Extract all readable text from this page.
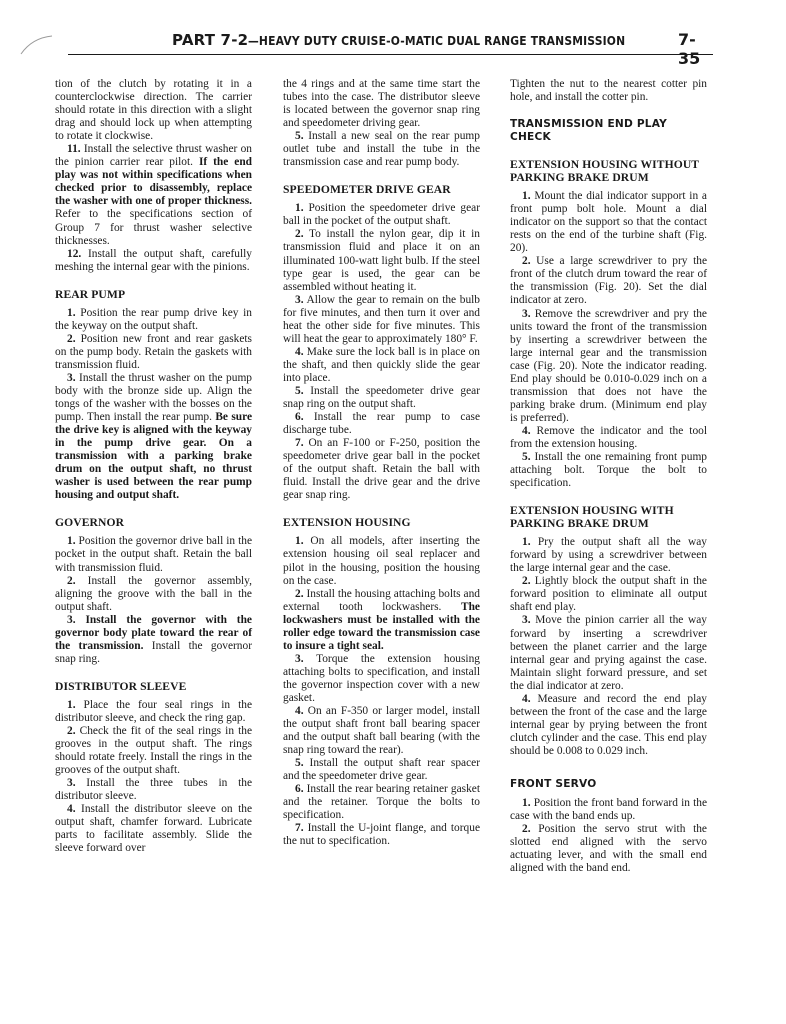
PART 7-2—HEAVY DUTY CRUISE-O-MATIC DUAL RANGE TRANSMISSION	7-35

tion of the clutch by rotating it in a counterclockwise direction. The carrier should rotate in this direction with a slight drag and should lock up when attempting to rotate it clockwise.

11. Install the selective thrust washer on the pinion carrier rear pilot. If the end play was not within specifications when checked prior to disassembly, replace the washer with one of proper thickness. Refer to the specifications section of Group 7 for thrust washer selective thicknesses.

12. Install the output shaft, carefully meshing the internal gear with the pinions.

REAR PUMP

1. Position the rear pump drive key in the keyway on the output shaft.

2. Position new front and rear gaskets on the pump body. Retain the gaskets with transmission fluid.

3. Install the thrust washer on the pump body with the bronze side up. Align the tongs of the washer with the bosses on the pump. Then install the rear pump. Be sure the drive key is aligned with the keyway in the pump drive gear. On a transmission with a parking brake drum on the output shaft, no thrust washer is used between the rear pump housing and output shaft.

GOVERNOR

1. Position the governor drive ball in the pocket in the output shaft. Retain the ball with transmission fluid.

2. Install the governor assembly, aligning the groove with the ball in the output shaft.

3. Install the governor with the governor body plate toward the rear of the transmission. Install the governor snap ring.

DISTRIBUTOR SLEEVE

1. Place the four seal rings in the distributor sleeve, and check the ring gap.

2. Check the fit of the seal rings in the grooves in the output shaft. The rings should rotate freely. Install the rings in the grooves of the output shaft.

3. Install the three tubes in the distributor sleeve.

4. Install the distributor sleeve on the output shaft, chamfer forward. Lubricate parts to facilitate assembly. Slide the sleeve forward over

the 4 rings and at the same time start the tubes into the case. The distributor sleeve is located between the governor snap ring and speedometer driving gear.

5. Install a new seal on the rear pump outlet tube and install the tube in the transmission case and rear pump body.

SPEEDOMETER DRIVE GEAR

1. Position the speedometer drive gear ball in the pocket of the output shaft.

2. To install the nylon gear, dip it in transmission fluid and place it on an illuminated 100-watt light bulb. If the steel type gear is used, the gear can be assembled without heating it.

3. Allow the gear to remain on the bulb for five minutes, and then turn it over and heat the other side for five minutes. This will heat the gear to approximately 180° F.

4. Make sure the lock ball is in place on the shaft, and then quickly slide the gear into place.

5. Install the speedometer drive gear snap ring on the output shaft.

6. Install the rear pump to case discharge tube.

7. On an F-100 or F-250, position the speedometer drive gear ball in the pocket of the output shaft. Retain the ball with fluid. Install the drive gear and the drive gear snap ring.

EXTENSION HOUSING

1. On all models, after inserting the extension housing oil seal replacer and pilot in the housing, position the housing on the case.

2. Install the housing attaching bolts and external tooth lockwashers. The lockwashers must be installed with the roller edge toward the transmission case to insure a tight seal.

3. Torque the extension housing attaching bolts to specification, and install the governor inspection cover with a new gasket.

4. On an F-350 or larger model, install the output shaft front ball bearing spacer and the output shaft ball bearing (with the snap ring toward the rear).

5. Install the output shaft rear spacer and the speedometer drive gear.

6. Install the rear bearing retainer gasket and the retainer. Torque the bolts to specification.

7. Install the U-joint flange, and torque the nut to specification.

Tighten the nut to the nearest cotter pin hole, and install the cotter pin.

TRANSMISSION END PLAY CHECK
EXTENSION HOUSING WITHOUT PARKING BRAKE DRUM

1. Mount the dial indicator support in a front pump bolt hole. Mount a dial indicator on the support so that the contact rests on the end of the turbine shaft (Fig. 20).

2. Use a large screwdriver to pry the front of the clutch drum toward the rear of the transmission (Fig. 20). Set the dial indicator at zero.

3. Remove the screwdriver and pry the units toward the front of the transmission by inserting a screwdriver between the large internal gear and the transmission case (Fig. 20). Note the indicator reading. End play should be 0.010-0.029 inch on a transmission that does not have the parking brake drum. (Minimum end play is preferred).

4. Remove the indicator and the tool from the extension housing.

5. Install the one remaining front pump attaching bolt. Torque the bolt to specification.

EXTENSION HOUSING WITH PARKING BRAKE DRUM

1. Pry the output shaft all the way forward by using a screwdriver between the large internal gear and the case.

2. Lightly block the output shaft in the forward position to eliminate all output shaft end play.

3. Move the pinion carrier all the way forward by inserting a screwdriver between the planet carrier and the large internal gear and prying against the case. Maintain slight forward pressure, and set the dial indicator at zero.

4. Measure and record the end play between the front of the case and the large internal gear by prying between the front clutch cylinder and the case. This end play should be 0.008 to 0.029 inch.

FRONT SERVO

1. Position the front band forward in the case with the band ends up.

2. Position the servo strut with the slotted end aligned with the servo actuating lever, and with the small end aligned with the band end.
